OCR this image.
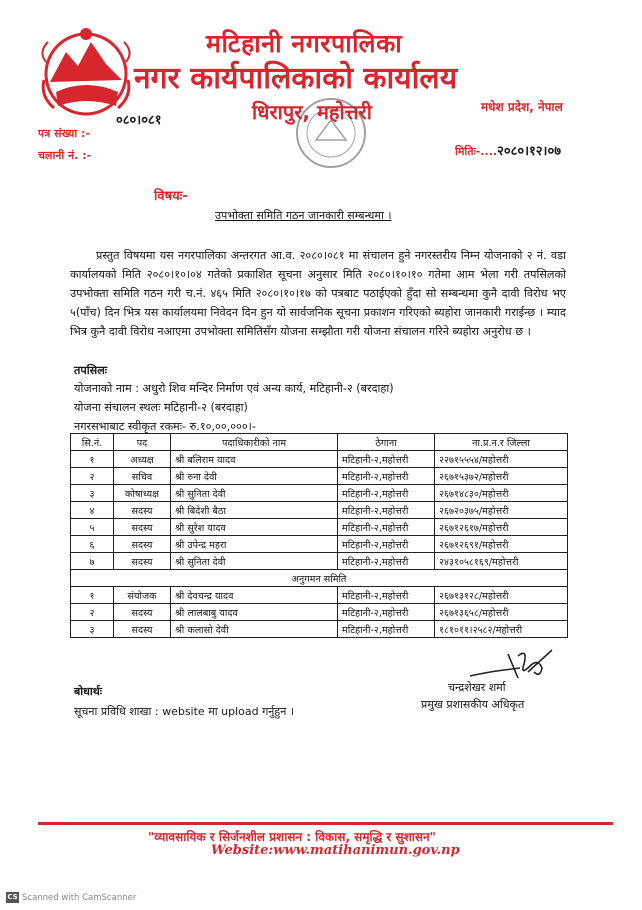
मटिहानी नगरपालिका
नगर कार्यपालिकाको कार्यालय
धिरापुर, महोत्तरी	मधेश प्रदेश, नेपाल
पत्र संख्या :-
०८०।०८१
चलानी नं. :-	मितिः-....२०८०।१२।०७
विषयः-
उपभोक्ता समिति गठन जानकारी सम्बन्धमा ।
प्रस्तुत विषयमा यस नगरपालिका अन्तरगत आ.व. २०८०।०८१ मा संचालन हुने नगरस्तरीय निम्न योजनाको २ नं. वडा कार्यालयको मिति २०८०।१०।०४ गतेको प्रकाशित सूचना अनुसार मिति २०८०।१०।१० गतेमा आम भेला गरी तपसिलको उपभोक्ता समिति गठन गरी च.नं. ४६५ मिति २०८०।१०।१७ को पत्रबाट पठाईएको हुँदा सो सम्बन्धमा कुनै दावी विरोध भए ५(पाँच) दिन भित्र यस कार्यालयमा निवेदन दिन हुन यो सार्वजनिक सूचना प्रकाशन गरिएको ब्यहोरा जानकारी गराईन्छ । म्याद भित्र कुनै दावी विरोध नआएमा उपभोक्ता समितिसँग योजना सम्झौता गरी योजना संचालन गरिने ब्यहोरा अनुरोध छ ।
तपसिलः
योजनाको नाम : अधुरो शिव मन्दिर निर्माण एवं अन्य कार्य, मटिहानी-२ (बरदाहा)
योजना संचालन स्थलः मटिहानी-२ (बरदाहा)
नगरसभाबाट स्वीकृत रकमः- रु.१०,००,०००।-
सि.नं.	पद	पदाधिकारीको नाम	ठेगाना	ना.प्र.न.र जिल्ला
१	अध्यक्ष	श्री बलिराम यादव	मटिहानी-२,महोत्तरी	२२७१५५५४/महोत्तरी
२	सचिव	श्री रुना देवी	मटिहानी-२,महोत्तरी	२६७१५३७२/महोत्तरी
३	कोषाध्यक्ष	श्री सुनिता देवी	मटिहानी-२,महोत्तरी	२६७१४८३०/महोत्तरी
४	सदस्य	श्री बिदेशी बैठा	मटिहानी-२,महोत्तरी	२६७२०३७५/महोत्तरी
५	सदस्य	श्री सुरेश यादव	मटिहानी-२,महोत्तरी	२६७१२६१७/महोत्तरी
६	सदस्य	श्री उपेन्द्र महरा	मटिहानी-२,महोत्तरी	२६७१२६९१/महोत्तरी
७	सदस्य	श्री सुनिता देवी	मटिहानी-२,महोत्तरी	२४३१०५८१६९/महोत्तरी
अनुगमन समिति				
१	संयोजक	श्री देवचन्द्र यादव	मटिहानी-२,महोत्तरी	२६७१३१२८/महोत्तरी
२	सदस्य	श्री लालबाबु यादव	मटिहानी-२,महोत्तरी	२६७१३६५८/महोत्तरी
३	सदस्य	श्री कलासो देवी	मटिहानी-२,महोत्तरी	१८१०११।२५८२/महोत्तरी
चन्द्रशेखर शर्मा
प्रमुख प्रशासकीय अधिकृत
बोधार्थः
सूचना प्रविधि शाखा : website मा upload गर्नुहुन ।
"व्यावसायिक र सिर्जनशील प्रशासन : विकास, समृद्धि र सुशासन"
Website:www.matihanimun.gov.np
CS Scanned with CamScanner
